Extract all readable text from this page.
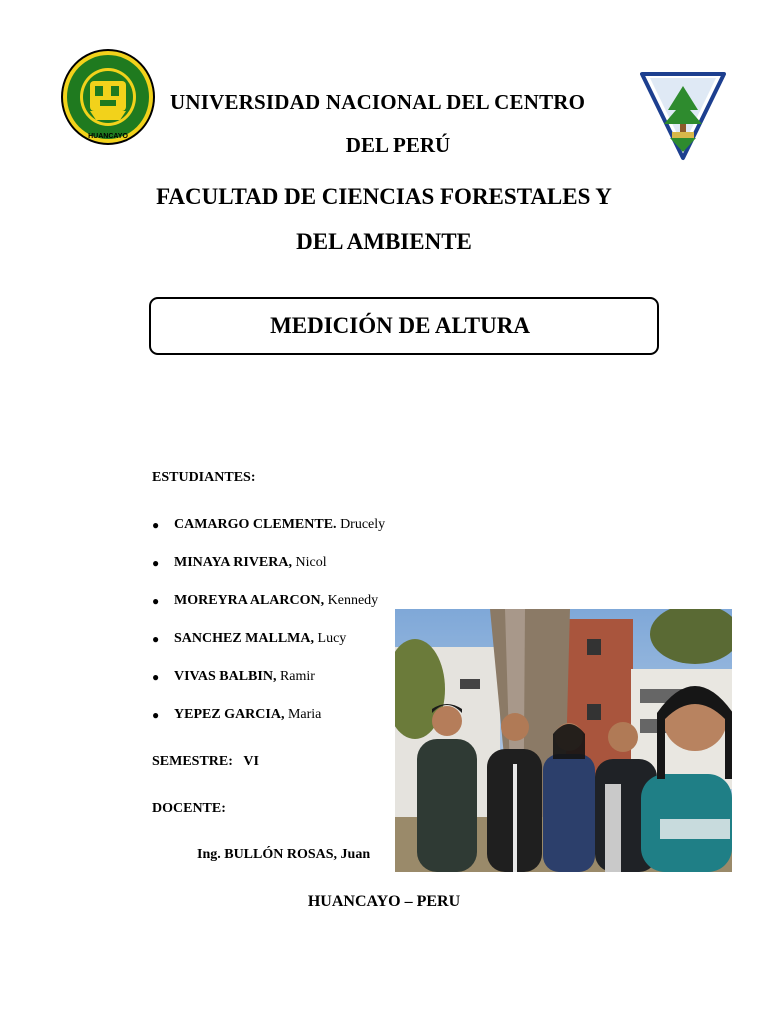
HUANCAYO
UNIVERSIDAD NACIONAL DEL CENTRO
DEL PERÚ
FACULTAD DE CIENCIAS FORESTALES Y
DEL AMBIENTE
MEDICIÓN DE ALTURA
ESTUDIANTES:
●	CAMARGO CLEMENTE.
Drucely
●	MINAYA RIVERA,
Nicol
●	MOREYRA ALARCON,
Kennedy
●	SANCHEZ MALLMA,
Lucy
●	VIVAS BALBIN,
Ramir
●	YEPEZ GARCIA,
Maria
SEMESTRE: VI
DOCENTE:
Ing. BULLÓN ROSAS, Juan
HUANCAYO – PERU
